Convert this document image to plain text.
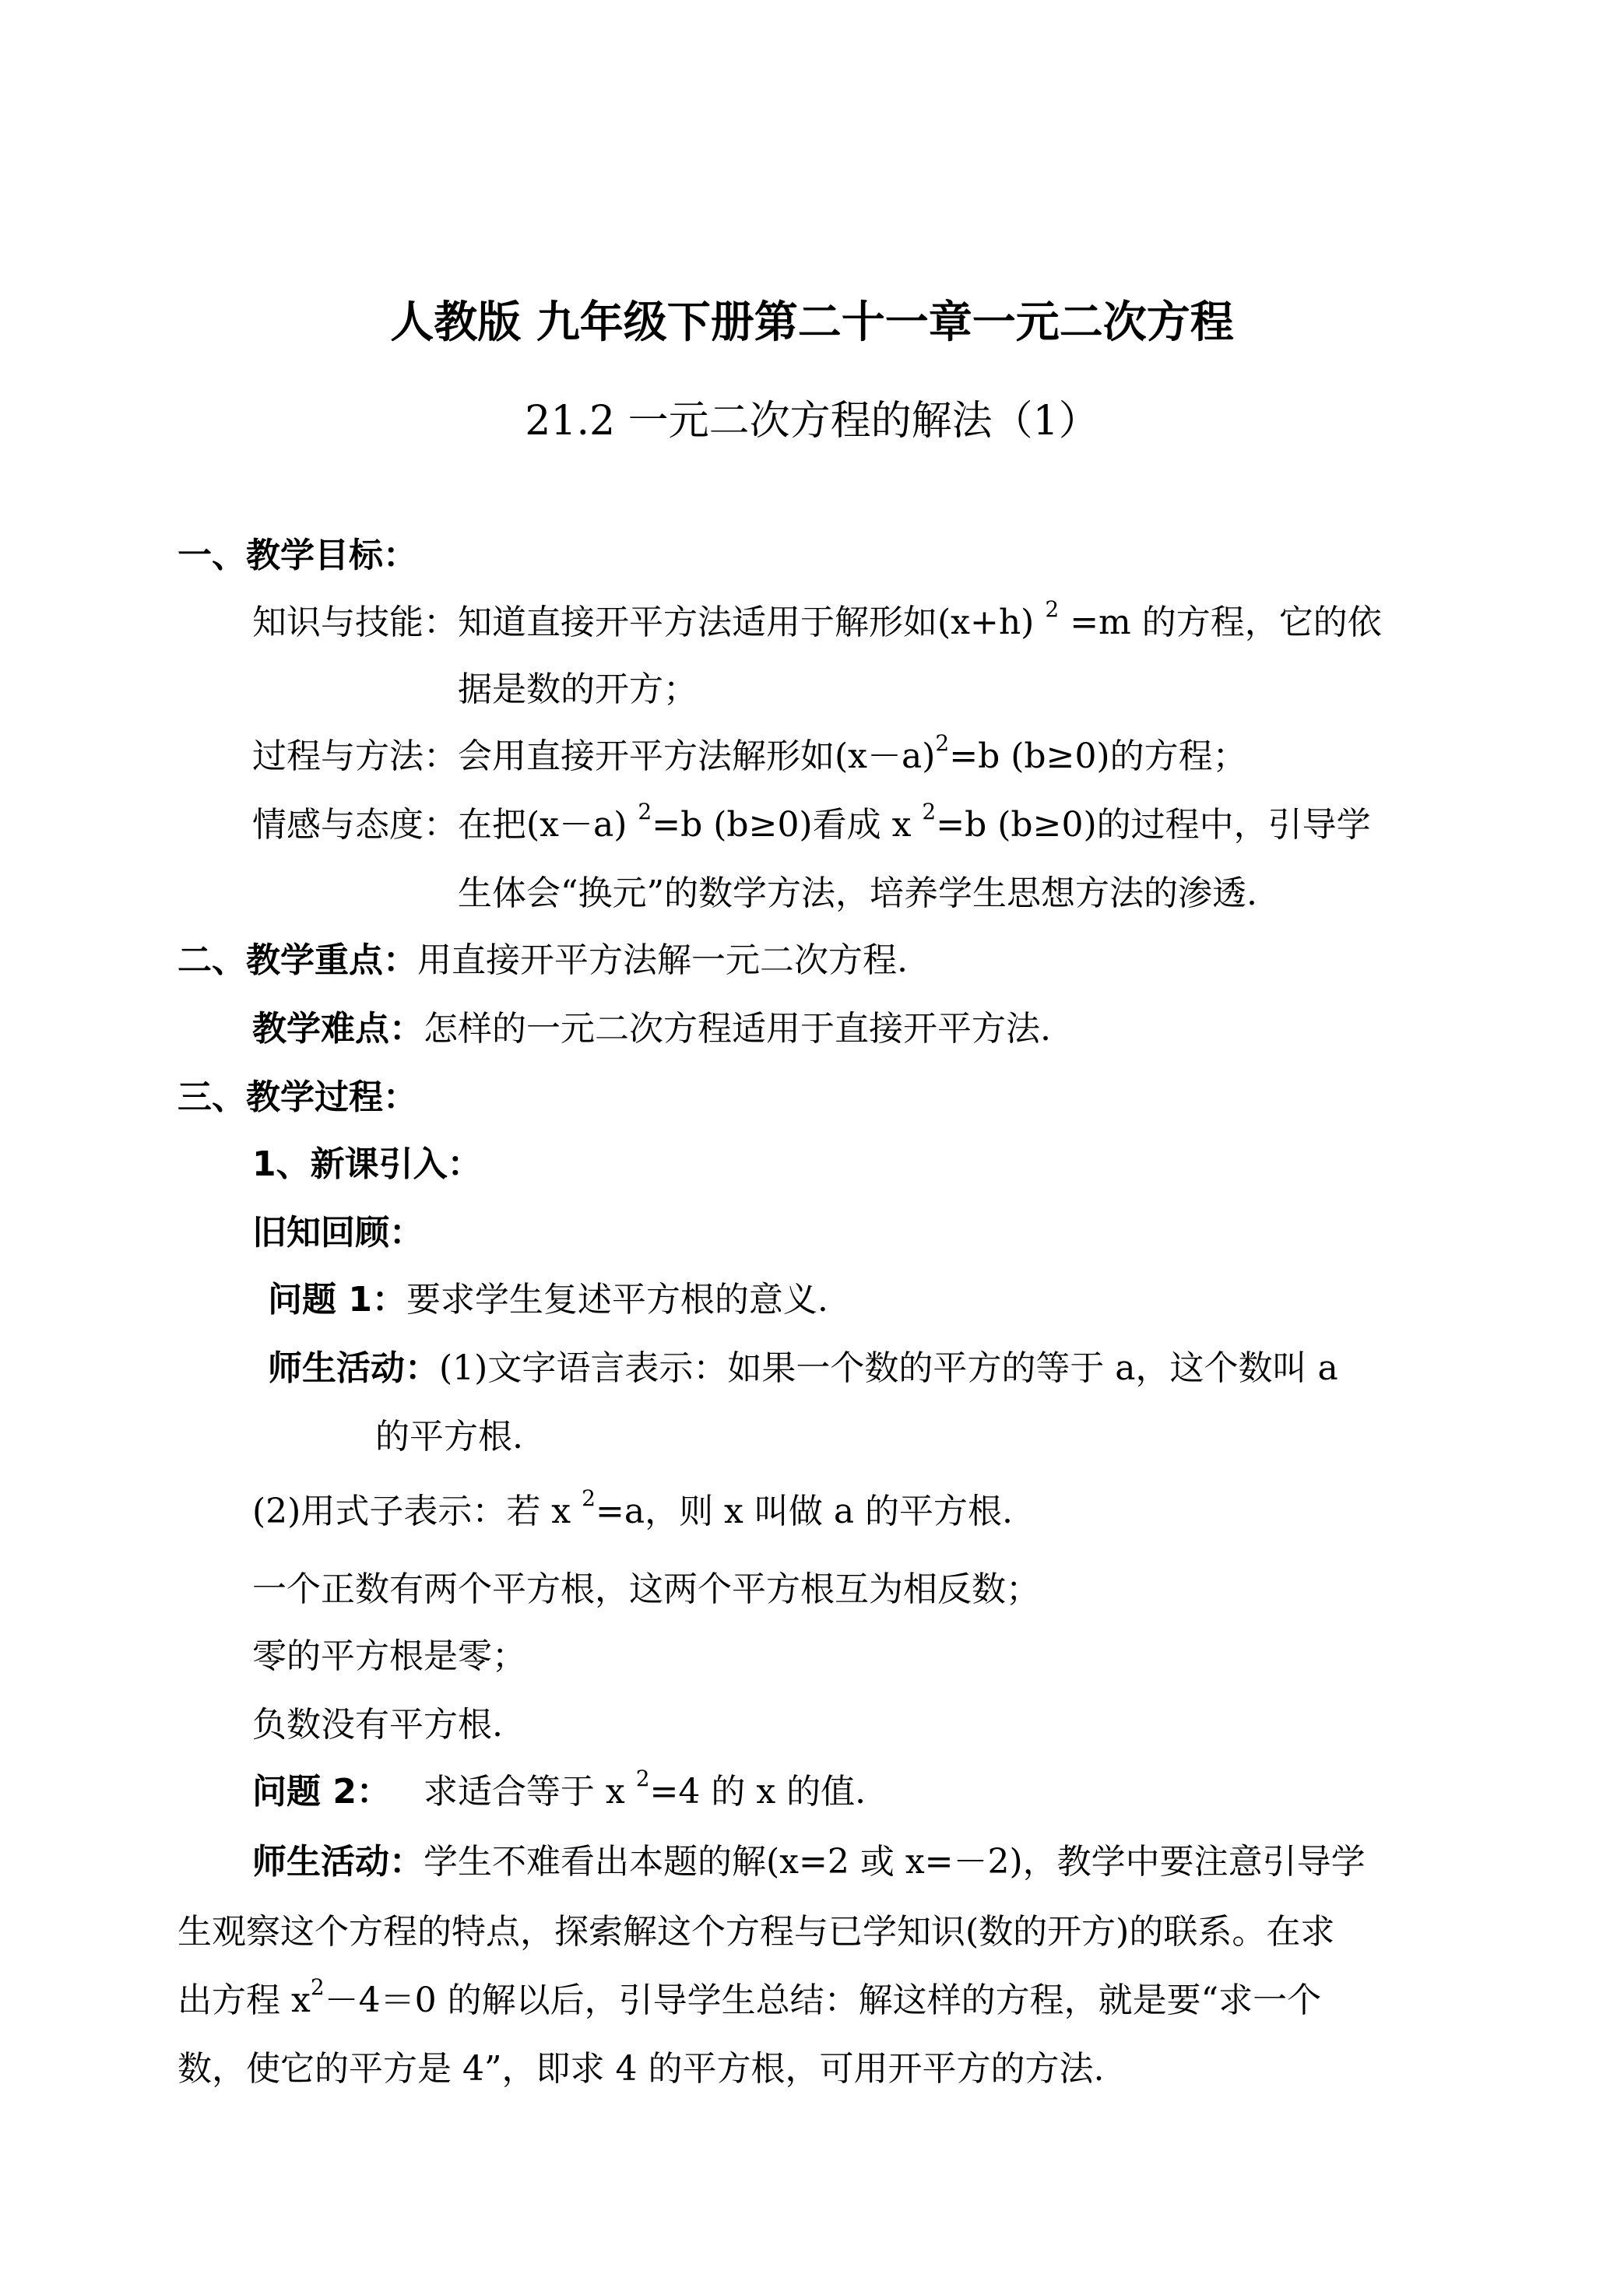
人教版 九年级下册第二十一章一元二次方程
21.2 一元二次方程的解法（1）
一、教学目标：
知识与技能：知道直接开平方法适用于解形如(x+h) $^2$ =m 的方程，它的依
据是数的开方；
过程与方法：会用直接开平方法解形如$(x-a)^2=b$ (b≥0)的方程；
情感与态度：在把(x－a) $^2$=b (b≥0)看成 x $^2$=b (b≥0)的过程中，引导学
生体会“换元”的数学方法，培养学生思想方法的渗透.
二、教学重点：用直接开平方法解一元二次方程.
教学难点：怎样的一元二次方程适用于直接开平方法.
三、教学过程：
1、新课引入：
旧知回顾：
问题 1：要求学生复述平方根的意义.
师生活动：(1)文字语言表示：如果一个数的平方的等于 a，这个数叫 a
的平方根.
(2)用式子表示：若 x $^2$=a，则 x 叫做 a 的平方根.
一个正数有两个平方根，这两个平方根互为相反数；
零的平方根是零；
负数没有平方根.
问题 2： 求适合等于 x $^2$=4 的 x 的值.
师生活动：学生不难看出本题的解(x=2 或 x=－2)，教学中要注意引导学
生观察这个方程的特点，探索解这个方程与已学知识(数的开方)的联系。在求
出方程 $x^2-4=0$ 的解以后，引导学生总结：解这样的方程，就是要“求一个
数，使它的平方是 4”，即求 4 的平方根，可用开平方的方法.
